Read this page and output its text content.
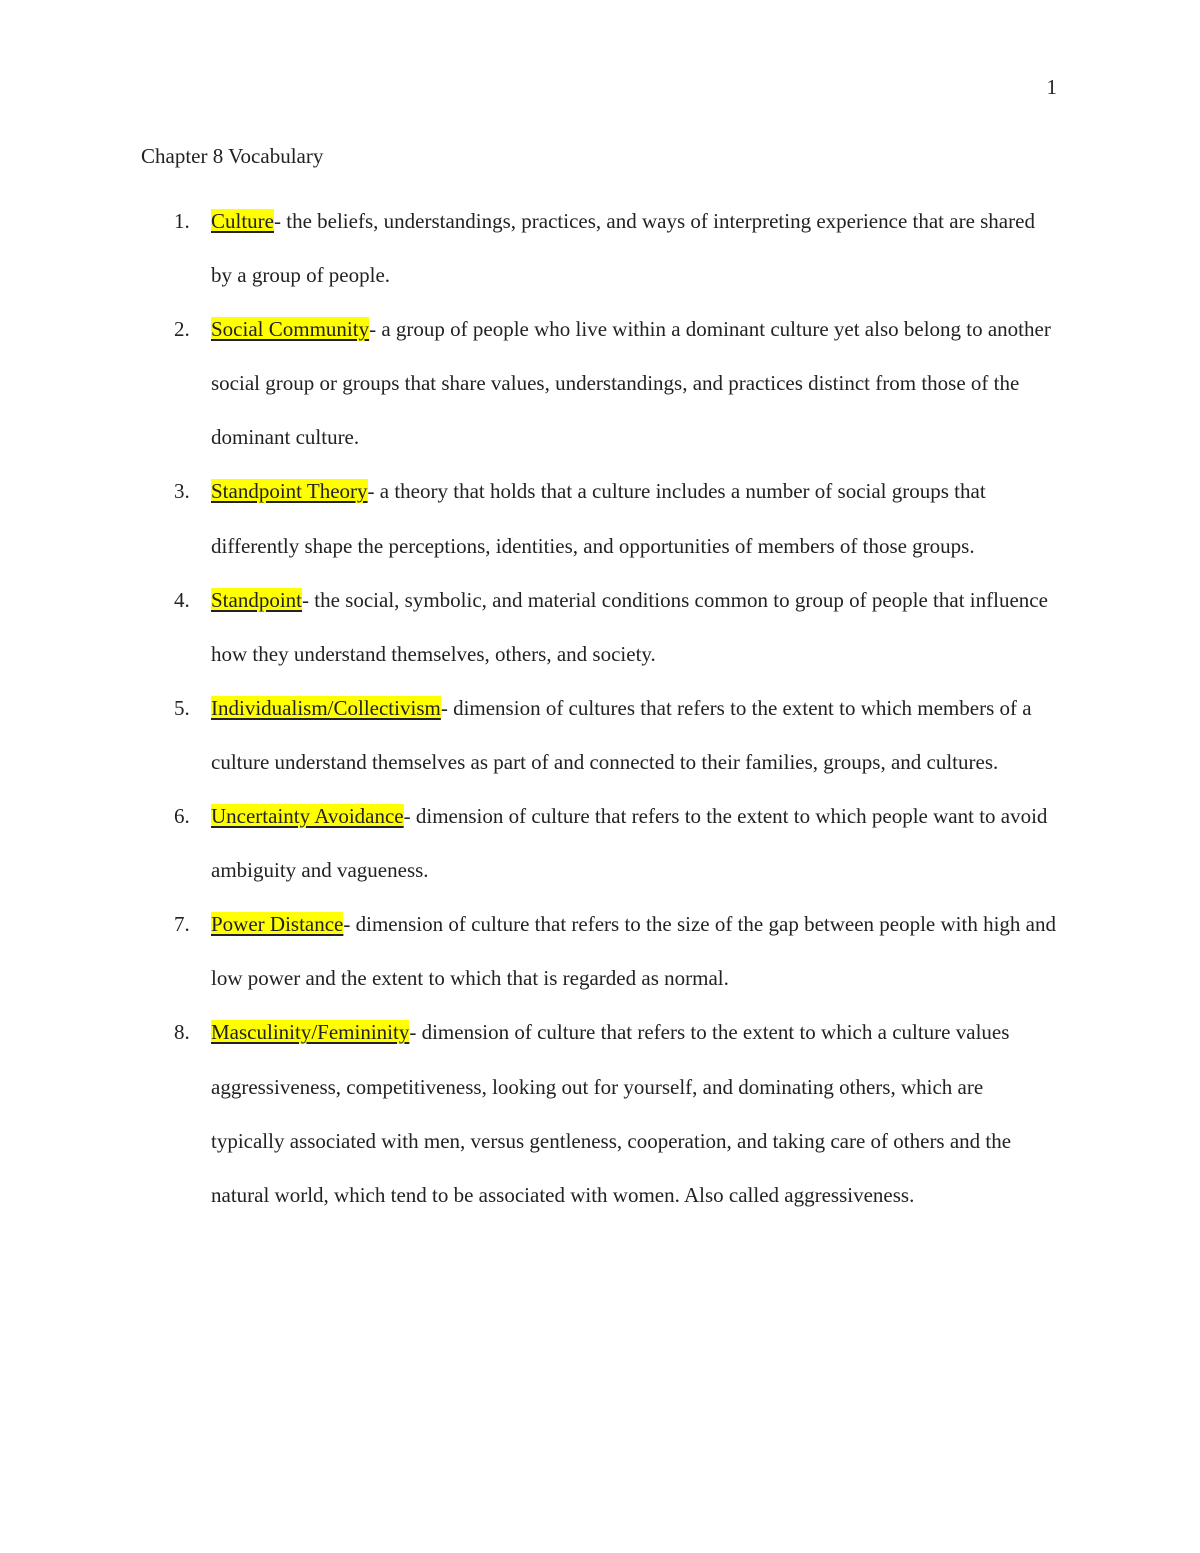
1
Chapter 8 Vocabulary
1. Culture- the beliefs, understandings, practices, and ways of interpreting experience that are shared by a group of people.
2. Social Community- a group of people who live within a dominant culture yet also belong to another social group or groups that share values, understandings, and practices distinct from those of the dominant culture.
3. Standpoint Theory- a theory that holds that a culture includes a number of social groups that differently shape the perceptions, identities, and opportunities of members of those groups.
4. Standpoint- the social, symbolic, and material conditions common to group of people that influence how they understand themselves, others, and society.
5. Individualism/Collectivism- dimension of cultures that refers to the extent to which members of a culture understand themselves as part of and connected to their families, groups, and cultures.
6. Uncertainty Avoidance- dimension of culture that refers to the extent to which people want to avoid ambiguity and vagueness.
7. Power Distance- dimension of culture that refers to the size of the gap between people with high and low power and the extent to which that is regarded as normal.
8. Masculinity/Femininity- dimension of culture that refers to the extent to which a culture values aggressiveness, competitiveness, looking out for yourself, and dominating others, which are typically associated with men, versus gentleness, cooperation, and taking care of others and the natural world, which tend to be associated with women. Also called aggressiveness.
